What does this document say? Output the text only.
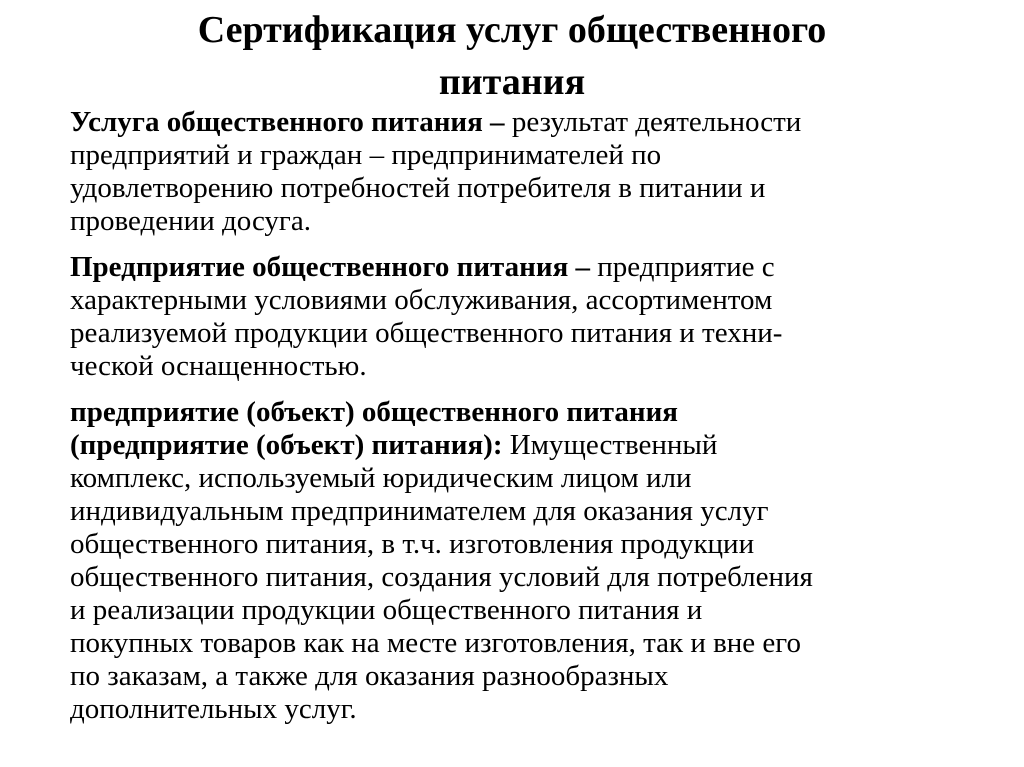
Сертификация услуг общественного
питания

Услуга общественного питания – результат деятельности
предприятий и граждан – предпринимателей по
удовлетворению потребностей потребителя в питании и
проведении досуга.

Предприятие общественного питания – предприятие с
характерными условиями обслуживания, ассортиментом
реализуемой продукции общественного питания и техни-
ческой оснащенностью.

предприятие (объект) общественного питания
(предприятие (объект) питания): Имущественный
комплекс, используемый юридическим лицом или
индивидуальным предпринимателем для оказания услуг
общественного питания, в т.ч. изготовления продукции
общественного питания, создания условий для потребления
и реализации продукции общественного питания и
покупных товаров как на месте изготовления, так и вне его
по заказам, а также для оказания разнообразных
дополнительных услуг.
